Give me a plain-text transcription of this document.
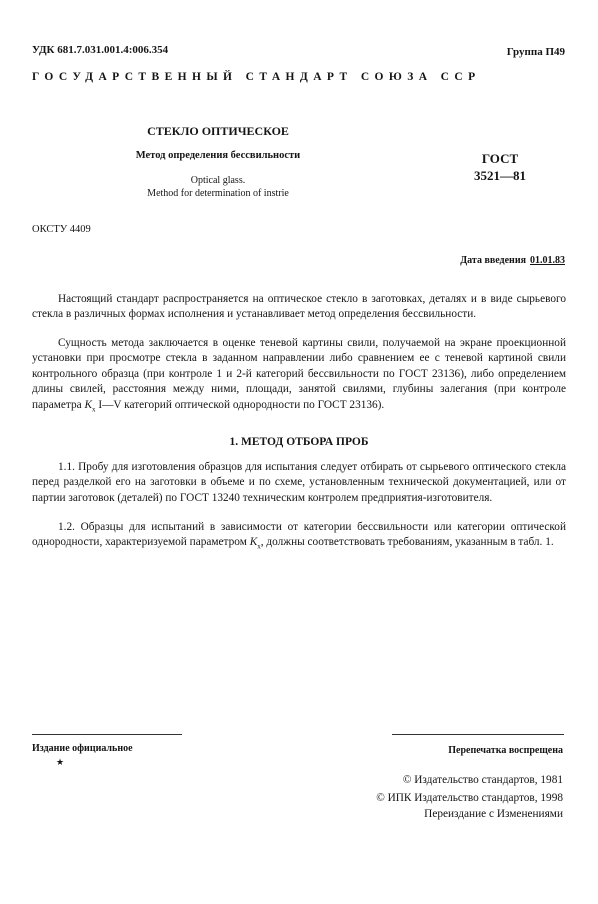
УДК 681.7.031.001.4:006.354	Группа П49
ГОСУДАРСТВЕННЫЙ СТАНДАРТ СОЮЗА ССР
СТЕКЛО ОПТИЧЕСКОЕ
Метод определения бессвильности
Optical glass.
Method for determination of instrie
ГОСТ
3521—81
ОКСТУ 4409
Дата введения 01.01.83
Настоящий стандарт распространяется на оптическое стекло в заготовках, деталях и в виде сырьевого стекла в различных формах исполнения и устанавливает метод определения бессвильности.
Сущность метода заключается в оценке теневой картины свили, получаемой на экране проекционной установки при просмотре стекла в заданном направлении либо сравнением ее с теневой картиной свили контрольного образца (при контроле 1 и 2-й категорий бессвильности по ГОСТ 23136), либо определением длины свилей, расстояния между ними, площади, занятой свилями, глубины залегания (при контроле параметра $K_x$ I—V категорий оптической однородности по ГОСТ 23136).
1. МЕТОД ОТБОРА ПРОБ
1.1. Пробу для изготовления образцов для испытания следует отбирать от сырьевого оптического стекла перед разделкой его на заготовки в объеме и по схеме, установленным технической документацией, или от партии заготовок (деталей) по ГОСТ 13240 техническим контролем предприятия-изготовителя.
1.2. Образцы для испытаний в зависимости от категории бессвильности или категории оптической однородности, характеризуемой параметром $K_x$, должны соответствовать требованиям, указанным в табл. 1.
Издание официальное
★
Перепечатка воспрещена
© Издательство стандартов, 1981
© ИПК Издательство стандартов, 1998
Переиздание с Изменениями
